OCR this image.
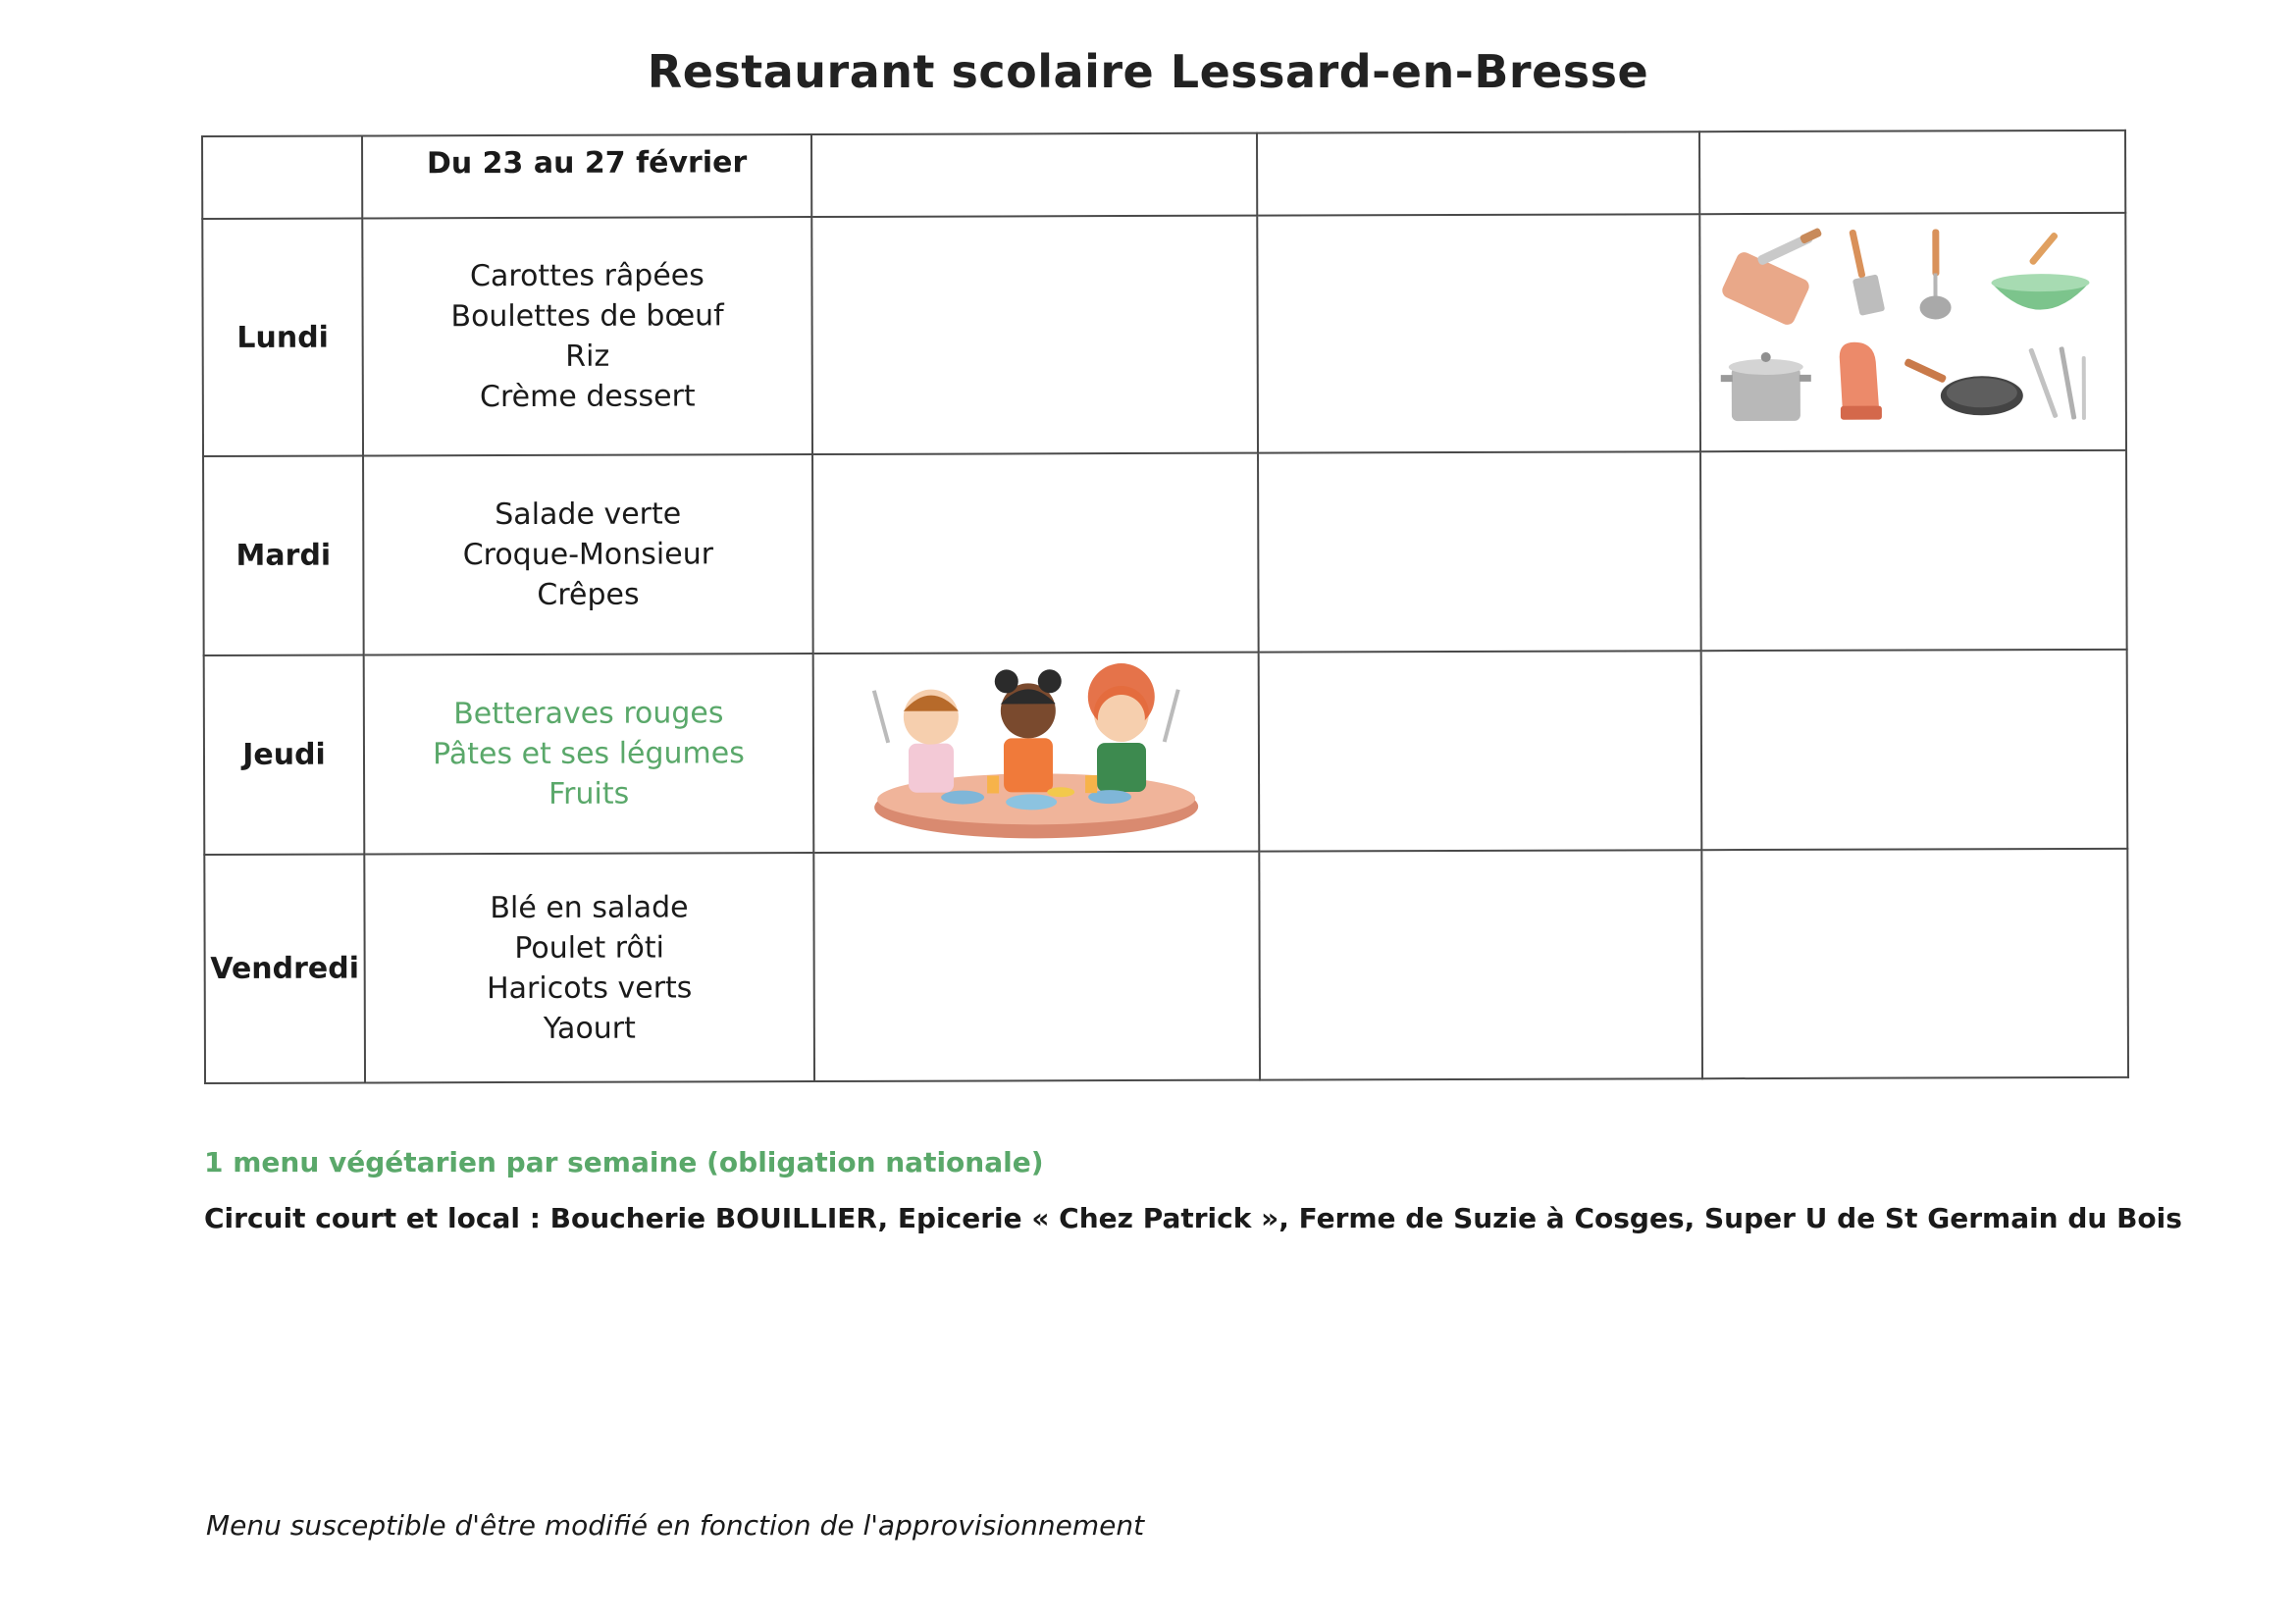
Restaurant scolaire Lessard-en-Bresse
	Du 23 au 27 février			
Lundi	Carottes râpées
Boulettes de bœuf
Riz
Crème dessert

Mardi	Salade verte
Croque-Monsieur
Crêpes			

Jeudi	Betteraves rouges
Pâtes et ses légumes
Fruits

Vendredi	Blé en salade
Poulet rôti
Haricots verts
Yaourt			

1 menu végétarien par semaine (obligation nationale)
Circuit court et local : Boucherie BOUILLIER, Epicerie « Chez Patrick », Ferme de Suzie à Cosges, Super U de St Germain du Bois
Menu susceptible d'être modifié en fonction de l'approvisionnement
